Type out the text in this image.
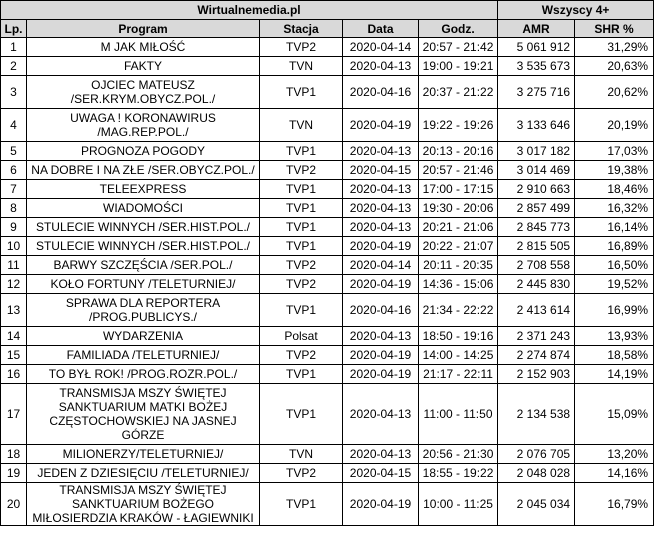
Wirtualnemedia.pl					Wszyscy 4+	
Lp.	Program	Stacja	Data	Godz.	AMR	SHR %
1	M JAK MIŁOŚĆ	TVP2	2020-04-14	20:57 - 21:42	5 061 912	31,29%
2	FAKTY	TVN	2020-04-13	19:00 - 19:21	3 535 673	20,63%
3	OJCIEC MATEUSZ /SER.KRYM.OBYCZ.POL./	TVP1	2020-04-16	20:37 - 21:22	3 275 716	20,62%
4	UWAGA ! KORONAWIRUS /MAG.REP.POL./	TVN	2020-04-19	19:22 - 19:26	3 133 646	20,19%
5	PROGNOZA POGODY	TVP1	2020-04-13	20:13 - 20:16	3 017 182	17,03%
6	NA DOBRE I NA ZŁE /SER.OBYCZ.POL./	TVP2	2020-04-15	20:57 - 21:46	3 014 469	19,38%
7	TELEEXPRESS	TVP1	2020-04-13	17:00 - 17:15	2 910 663	18,46%
8	WIADOMOŚCI	TVP1	2020-04-13	19:30 - 20:06	2 857 499	16,32%
9	STULECIE WINNYCH /SER.HIST.POL./	TVP1	2020-04-13	20:21 - 21:06	2 845 773	16,14%
10	STULECIE WINNYCH /SER.HIST.POL./	TVP1	2020-04-19	20:22 - 21:07	2 815 505	16,89%
11	BARWY SZCZĘŚCIA /SER.POL./	TVP2	2020-04-14	20:11 - 20:35	2 708 558	16,50%
12	KOŁO FORTUNY /TELETURNIEJ/	TVP2	2020-04-19	14:36 - 15:06	2 445 830	19,52%
13	SPRAWA DLA REPORTERA /PROG.PUBLICYS./	TVP1	2020-04-16	21:34 - 22:22	2 413 614	16,99%
14	WYDARZENIA	Polsat	2020-04-13	18:50 - 19:16	2 371 243	13,93%
15	FAMILIADA /TELETURNIEJ/	TVP2	2020-04-19	14:00 - 14:25	2 274 874	18,58%
16	TO BYŁ ROK! /PROG.ROZR.POL./	TVP1	2020-04-19	21:17 - 22:11	2 152 903	14,19%
17	TRANSMISJA MSZY ŚWIĘTEJ SANKTUARIUM MATKI BOŻEJ CZĘSTOCHOWSKIEJ NA JASNEJ GÓRZE	TVP1	2020-04-13	11:00 - 11:50	2 134 538	15,09%
18	MILIONERZY/TELETURNIEJ/	TVN	2020-04-13	20:56 - 21:30	2 076 705	13,20%
19	JEDEN Z DZIESIĘCIU /TELETURNIEJ/	TVP2	2020-04-15	18:55 - 19:22	2 048 028	14,16%
20	TRANSMISJA MSZY ŚWIĘTEJ SANKTUARIUM BOŻEGO MIŁOSIERDZIA KRAKÓW - ŁAGIEWNIKI	TVP1	2020-04-19	10:00 - 11:25	2 045 034	16,79%
